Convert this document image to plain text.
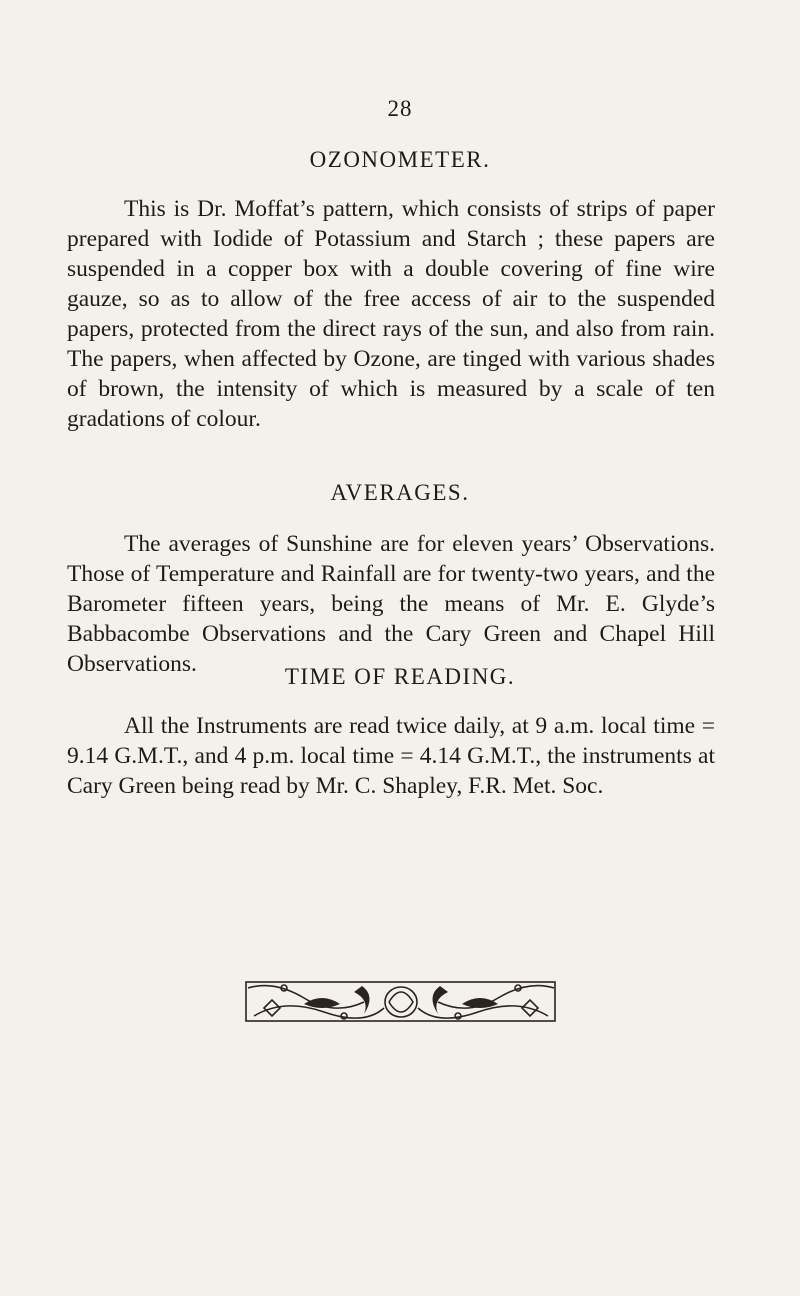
28
OZONOMETER.

This is Dr. Moffat’s pattern, which consists of strips of paper prepared with Iodide of Potassium and Starch ; these papers are suspended in a copper box with a double covering of fine wire gauze, so as to allow of the free access of air to the suspended papers, protected from the direct rays of the sun, and also from rain. The papers, when affected by Ozone, are tinged with various shades of brown, the intensity of which is measured by a scale of ten gradations of colour.

AVERAGES.

The averages of Sunshine are for eleven years’ Observations. Those of Temperature and Rainfall are for twenty-two years, and the Barometer fifteen years, being the means of Mr. E. Glyde’s Babbacombe Observations and the Cary Green and Chapel Hill Observations.	TIME OF READING.

All the Instruments are read twice daily, at 9 a.m. local time = 9.14 G.M.T., and 4 p.m. local time = 4.14 G.M.T., the instruments at Cary Green being read by Mr. C. Shapley, F.R. Met. Soc.
